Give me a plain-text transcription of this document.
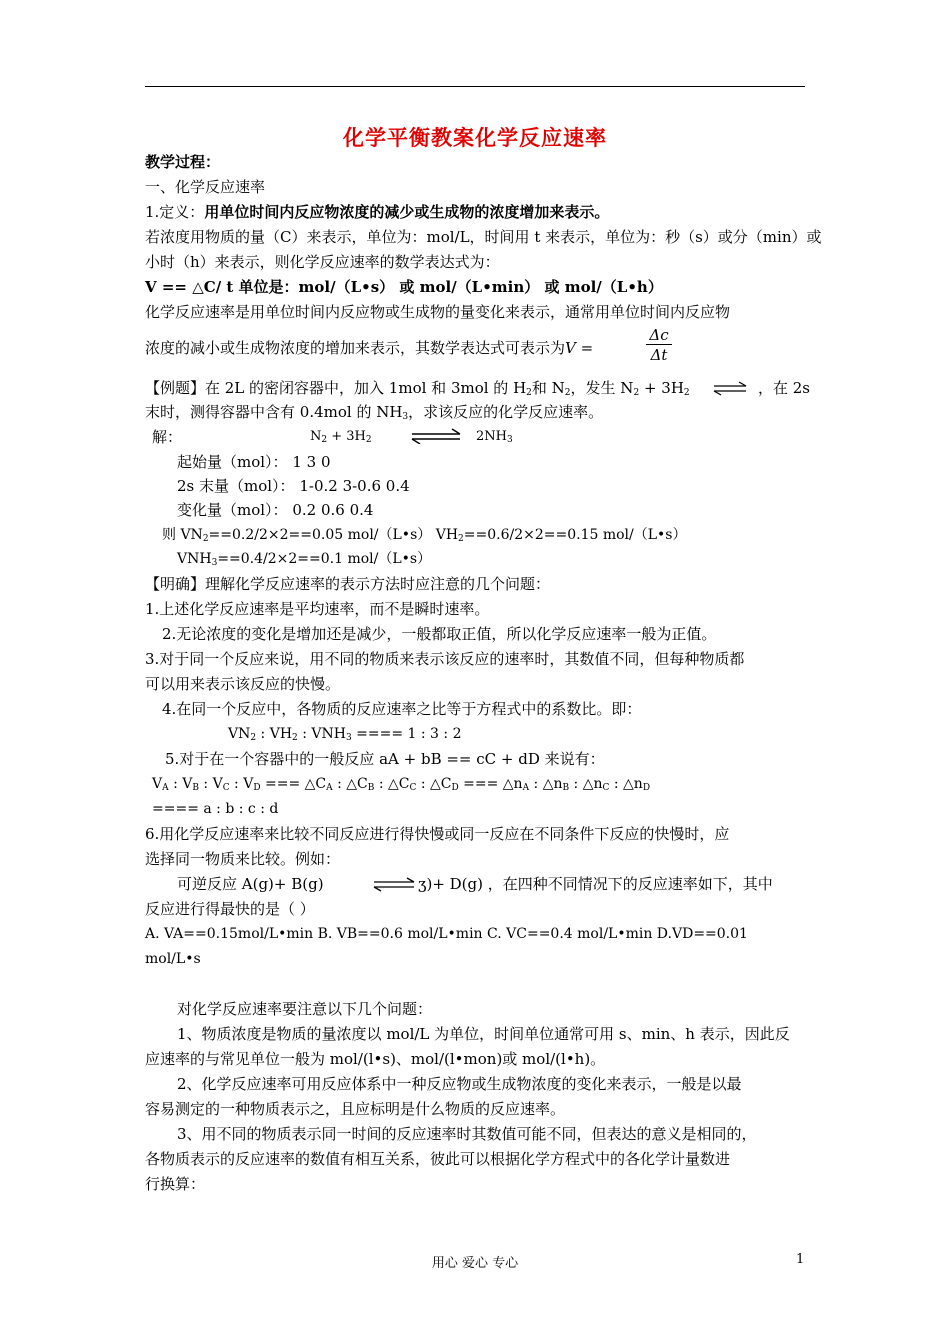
化学平衡教案化学反应速率
教学过程：
一、化学反应速率
1.定义：用单位时间内反应物浓度的减少或生成物的浓度增加来表示。
若浓度用物质的量（C）来表示，单位为：mol/L，时间用 t 来表示，单位为：秒（s）或分（min）或
小时（h）来表示，则化学反应速率的数学表达式为：
V == △C/ t 单位是：mol/（L•s） 或 mol/（L•min） 或 mol/（L•h）
化学反应速率是用单位时间内反应物或生成物的量变化来表示，通常用单位时间内反应物
浓度的减小或生成物浓度的增加来表示，其数学表达式可表示为V =
Δc
Δt
【例题】在 2L 的密闭容器中，加入 1mol 和 3mol 的 $H_2$和 $N_2$，发生 $N_2 + 3H_2$ ⇌ ，在 2s
末时，测得容器中含有 0.4mol 的 $NH_3$，求该反应的化学反应速率。
解：	$N_2 + 3H_2$	⇌ $2NH_3$
起始量（mol）： 1 3 0
2s 末量（mol）： 1-0.2 3-0.6 0.4
变化量（mol）： 0.2 0.6 0.4
则 $VN_2==0.2/2\times 2==0.05$ mol/（L•s） $VH_2==0.6/2\times 2==0.15$ mol/（L•s）
$VNH_3==0.4/2\times 2==0.1$ mol/（L•s）
【明确】理解化学反应速率的表示方法时应注意的几个问题：
1.上述化学反应速率是平均速率，而不是瞬时速率。
2.无论浓度的变化是增加还是减少，一般都取正值，所以化学反应速率一般为正值。
3.对于同一个反应来说，用不同的物质来表示该反应的速率时，其数值不同，但每种物质都
可以用来表示该反应的快慢。
4.在同一个反应中，各物质的反应速率之比等于方程式中的系数比。即：
$VN_2$ : $VH_2$ : $VNH_3$ ==== 1 : 3 : 2
5.对于在一个容器中的一般反应 aA + bB == cC + dD 来说有：
$V_A$ : $V_B$ : $V_C$ : $V_D$ === $\triangle C_A$ : $\triangle C_B$ : $\triangle C_C$ : $\triangle C_D$ === $\triangle n_A$ : $\triangle n_B$ : $\triangle n_C$ : $\triangle n_D$
==== a : b : c : d
6.用化学反应速率来比较不同反应进行得快慢或同一反应在不同条件下反应的快慢时，应
选择同一物质来比较。例如：
可逆反应 A(g)+ B(g)	⇌ ʒ)+ D(g) ，在四种不同情况下的反应速率如下，其中
反应进行得最快的是（ ）
A. VA==0.15mol/L•min B. VB==0.6 mol/L•min C. VC==0.4 mol/L•min D.VD==0.01
mol/L•s
对化学反应速率要注意以下几个问题：
1、物质浓度是物质的量浓度以 mol/L 为单位，时间单位通常可用 s、min、h 表示，因此反
应速率的与常见单位一般为 mol/(l•s)、mol/(l•mon)或 mol/(l•h)。
2、化学反应速率可用反应体系中一种反应物或生成物浓度的变化来表示，一般是以最
容易测定的一种物质表示之，且应标明是什么物质的反应速率。
3、用不同的物质表示同一时间的反应速率时其数值可能不同，但表达的意义是相同的，
各物质表示的反应速率的数值有相互关系，彼此可以根据化学方程式中的各化学计量数进
行换算：
用心 爱心 专心	1
